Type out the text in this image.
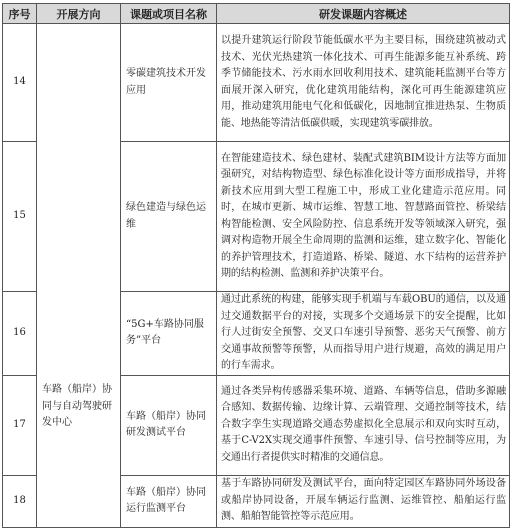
序号	开展方向	课题或项目名称	研发课题内容概述
14	车路（船岸）协同与自动驾驶研发中心	零碳建筑技术开发应用	以提升建筑运行阶段节能低碳水平为主要目标，围绕建筑被动式技术、光伏光热建筑一体化技术、可再生能源多能互补系统、跨季节储能技术、污水雨水回收利用技术、建筑能耗监测平台等方面展开深入研究，优化建筑用能结构，深化可再生能源建筑应用，推动建筑用能电气化和低碳化，因地制宜推进热泵、生物质能、地热能等清洁低碳供暖，实现建筑零碳排放。
15		绿色建造与绿色运维	在智能建造技术、绿色建材、装配式建筑BIM设计方法等方面加强研究，对结构物造型、绿色标准化设计等方面形成指导，并将新技术应用到大型工程施工中，形成工业化建造示范应用。同时，在城市更新、城市运维、智慧工地、智慧路面管控、桥梁结构智能检测、安全风险防控、信息系统开发等领域深入研究，强调对构造物开展全生命周期的监测和运维，建立数字化、智能化的养护管理技术，打造道路、桥梁、隧道、水下结构的运营养护期的结构检测、监测和养护决策平台。
16		“5G+车路协同服务”平台	通过此系统的构建，能够实现手机端与车载OBU的通信，以及通过交通数据平台的对接，实现多个交通场景下的安全提醒，比如行人过街安全预警、交叉口车速引导预警、恶劣天气预警、前方交通事故预警等预警，从而指导用户进行规避，高效的满足用户的行车需求。
17		车路（船岸）协同研发测试平台	通过各类异构传感器采集环境、道路、车辆等信息，借助多源融合感知、数据传输、边缘计算、云端管理、交通控制等技术，结合数字孪生实现道路交通态势虚拟化全息展示和双向实时互动，基于C-V2X实现交通事件预警、车速引导、信号控制等应用，为交通出行者提供实时精准的交通信息。
18		车路（船岸）协同运行监测平台	基于车路协同研发及测试平台，面向特定园区车路协同外场设备或船岸协同设备，开展车辆运行监测、运维管控、船舶运行监测、船舶智能管控等示范应用。
